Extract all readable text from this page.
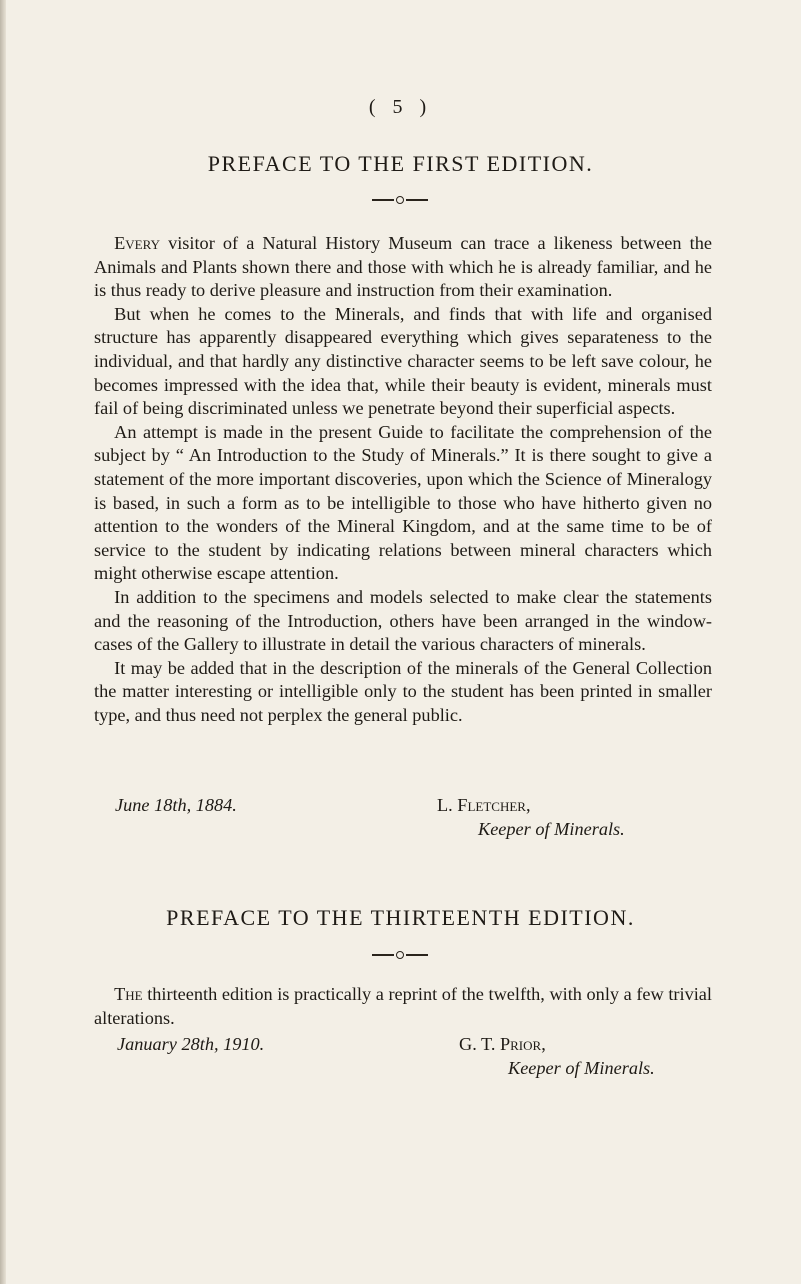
( 5 )
PREFACE TO THE FIRST EDITION.

Every visitor of a Natural History Museum can trace a likeness between the Animals and Plants shown there and those with which he is already familiar, and he is thus ready to derive pleasure and instruction from their examination.

But when he comes to the Minerals, and finds that with life and organised structure has apparently disappeared everything which gives separateness to the individual, and that hardly any distinctive character seems to be left save colour, he becomes impressed with the idea that, while their beauty is evident, minerals must fail of being discriminated unless we penetrate beyond their superficial aspects.

An attempt is made in the present Guide to facilitate the comprehension of the subject by “ An Introduction to the Study of Minerals.” It is there sought to give a statement of the more important discoveries, upon which the Science of Mineralogy is based, in such a form as to be intelligible to those who have hitherto given no attention to the wonders of the Mineral Kingdom, and at the same time to be of service to the student by indicating relations between mineral characters which might otherwise escape attention.

In addition to the specimens and models selected to make clear the statements and the reasoning of the Introduction, others have been arranged in the window-cases of the Gallery to illustrate in detail the various characters of minerals.

It may be added that in the description of the minerals of the General Collection the matter interesting or intelligible only to the student has been printed in smaller type, and thus need not perplex the general public.

June 18th, 1884.	L. Fletcher,
Keeper of Minerals.
PREFACE TO THE THIRTEENTH EDITION.

The thirteenth edition is practically a reprint of the twelfth, with only a few trivial alterations.

January 28th, 1910.	G. T. Prior,
Keeper of Minerals.
